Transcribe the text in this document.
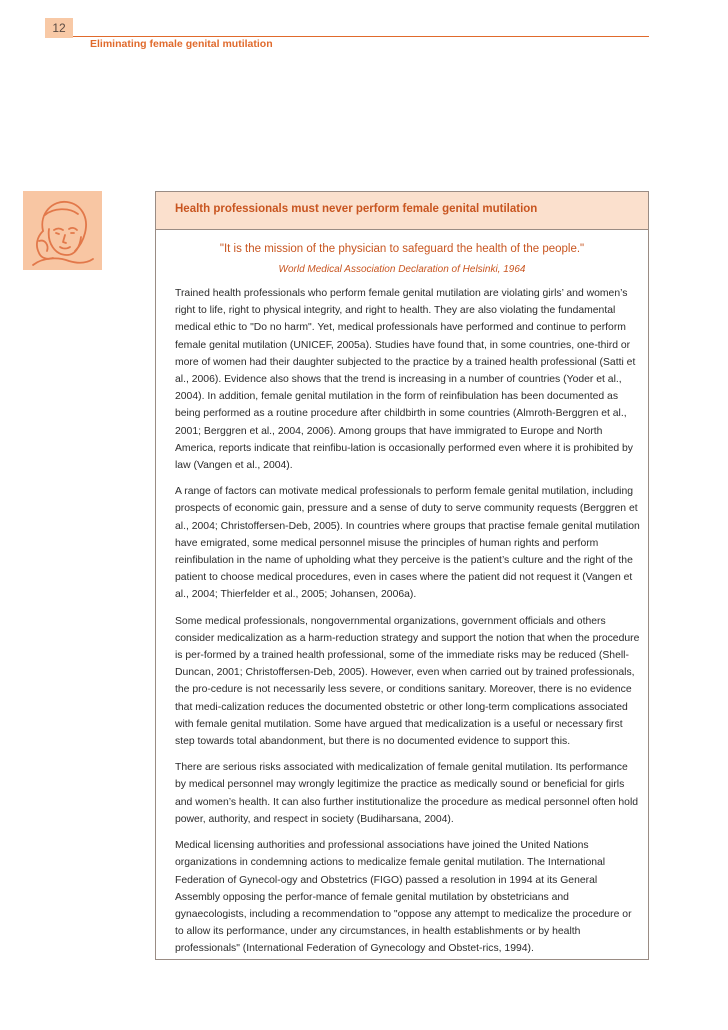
12
Eliminating female genital mutilation
Health professionals must never perform female genital mutilation
"It is the mission of the physician to safeguard the health of the people."
World Medical Association Declaration of Helsinki, 1964

Trained health professionals who perform female genital mutilation are violating girls’ and women’s right to life, right to physical integrity, and right to health. They are also violating the fundamental medical ethic to "Do no harm". Yet, medical professionals have performed and continue to perform female genital mutilation (UNICEF, 2005a). Studies have found that, in some countries, one-third or more of women had their daughter subjected to the practice by a trained health professional (Satti et al., 2006). Evidence also shows that the trend is increasing in a number of countries (Yoder et al., 2004). In addition, female genital mutilation in the form of reinfibulation has been documented as being performed as a routine procedure after childbirth in some countries (Almroth-Berggren et al., 2001; Berggren et al., 2004, 2006). Among groups that have immigrated to Europe and North America, reports indicate that reinfibu-lation is occasionally performed even where it is prohibited by law (Vangen et al., 2004).

A range of factors can motivate medical professionals to perform female genital mutilation, including prospects of economic gain, pressure and a sense of duty to serve community requests (Berggren et al., 2004; Christoffersen-Deb, 2005). In countries where groups that practise female genital mutilation have emigrated, some medical personnel misuse the principles of human rights and perform reinfibulation in the name of upholding what they perceive is the patient’s culture and the right of the patient to choose medical procedures, even in cases where the patient did not request it (Vangen et al., 2004; Thierfelder et al., 2005; Johansen, 2006a).

Some medical professionals, nongovernmental organizations, government officials and others consider medicalization as a harm-reduction strategy and support the notion that when the procedure is per-formed by a trained health professional, some of the immediate risks may be reduced (Shell-Duncan, 2001; Christoffersen-Deb, 2005). However, even when carried out by trained professionals, the pro-cedure is not necessarily less severe, or conditions sanitary. Moreover, there is no evidence that medi-calization reduces the documented obstetric or other long-term complications associated with female genital mutilation. Some have argued that medicalization is a useful or necessary first step towards total abandonment, but there is no documented evidence to support this.

There are serious risks associated with medicalization of female genital mutilation. Its performance by medical personnel may wrongly legitimize the practice as medically sound or beneficial for girls and women’s health. It can also further institutionalize the procedure as medical personnel often hold power, authority, and respect in society (Budiharsana, 2004).

Medical licensing authorities and professional associations have joined the United Nations organizations in condemning actions to medicalize female genital mutilation. The International Federation of Gynecol-ogy and Obstetrics (FIGO) passed a resolution in 1994 at its General Assembly opposing the perfor-mance of female genital mutilation by obstetricians and gynaecologists, including a recommendation to "oppose any attempt to medicalize the procedure or to allow its performance, under any circumstances, in health establishments or by health professionals" (International Federation of Gynecology and Obstet-rics, 1994).
